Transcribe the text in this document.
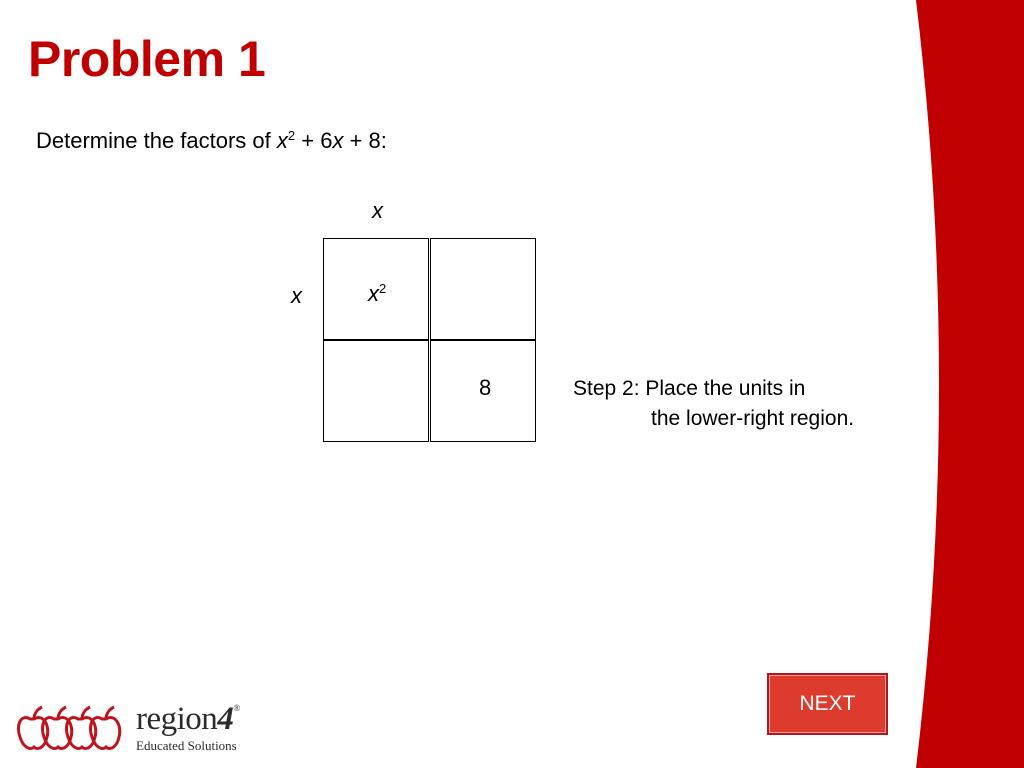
Problem 1
Determine the factors of $x^2 + 6x + 8$:
x
x	$x^2$
8	Step 2: Place the units in
the lower-right region.
NEXT
region4®
Educated Solutions
